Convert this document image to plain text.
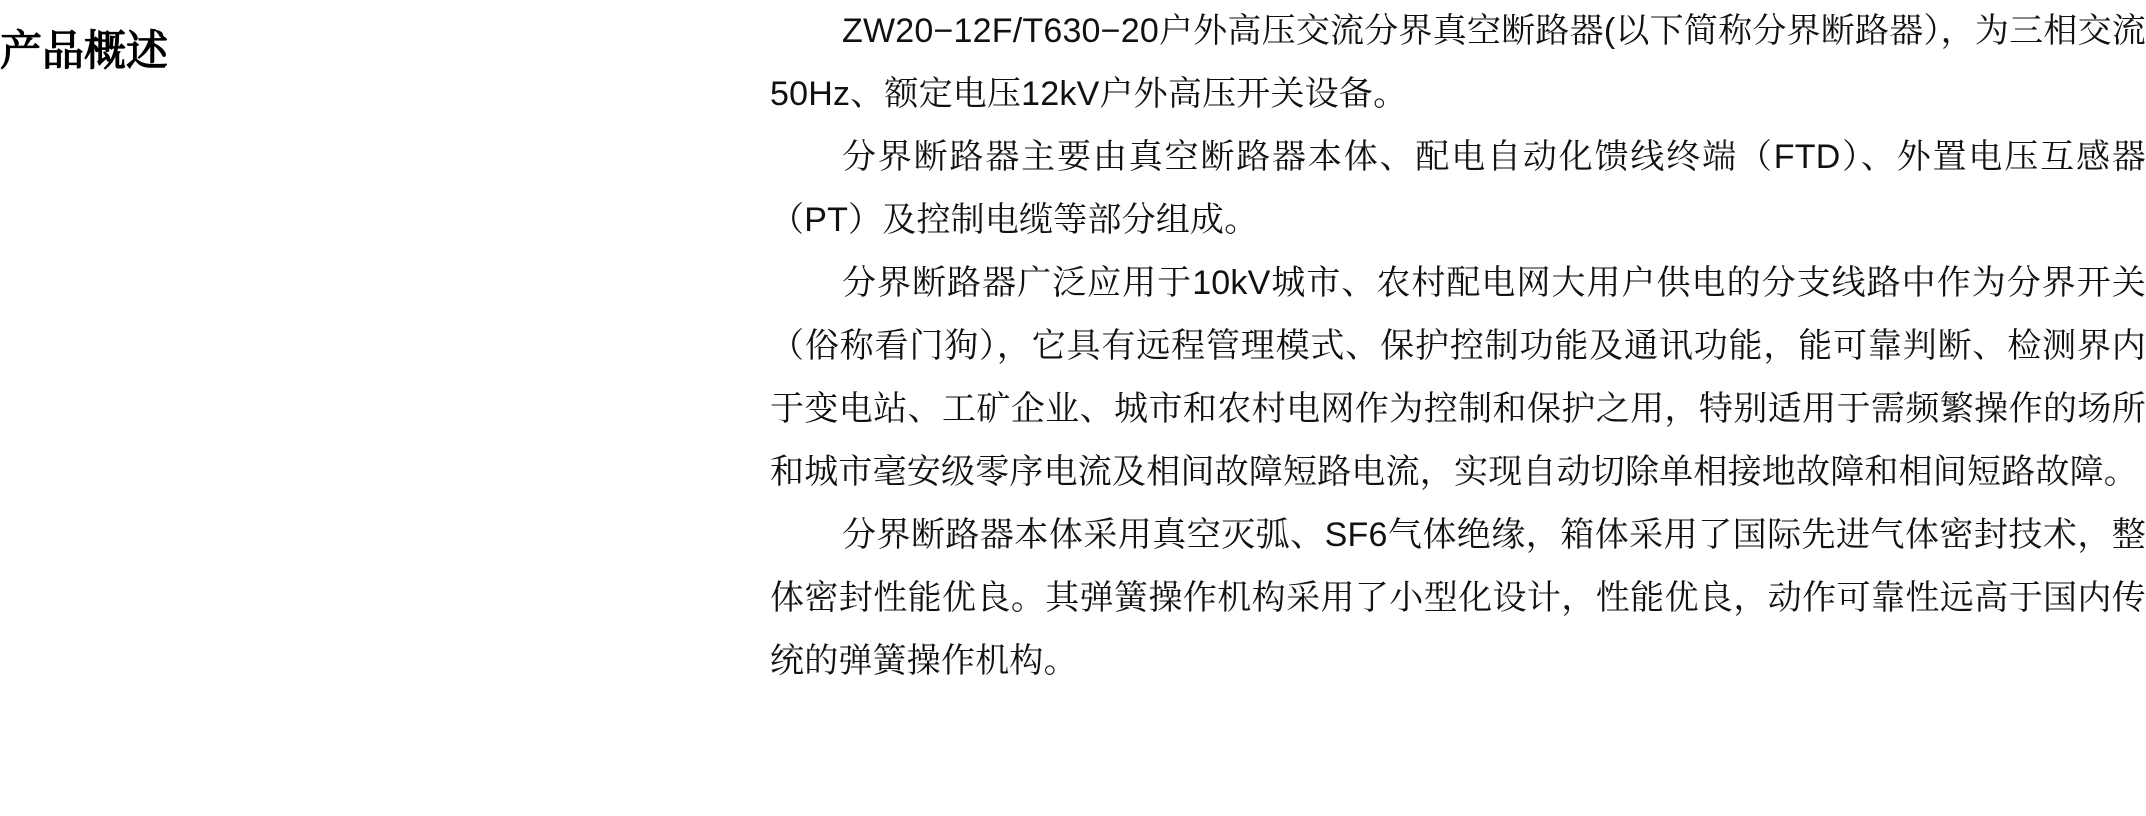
产品概述	ZW20−12F/T630−20户外高压交流分界真空断路器(以下简称分界断路器），为三相交流50Hz、额定电压12kV户外高压开关设备。

分界断路器主要由真空断路器本体、配电自动化馈线终端（FTD）、外置电压互感器（PT）及控制电缆等部分组成。

分界断路器广泛应用于10kV城市、农村配电网大用户供电的分支线路中作为分界开关（俗称看门狗），它具有远程管理模式、保护控制功能及通讯功能，能可靠判断、检测界内于变电站、工矿企业、城市和农村电网作为控制和保护之用，特别适用于需频繁操作的场所和城市毫安级零序电流及相间故障短路电流，实现自动切除单相接地故障和相间短路故障。

分界断路器本体采用真空灭弧、SF6气体绝缘，箱体采用了国际先进气体密封技术，整体密封性能优良。其弹簧操作机构采用了小型化设计，性能优良，动作可靠性远高于国内传统的弹簧操作机构。
